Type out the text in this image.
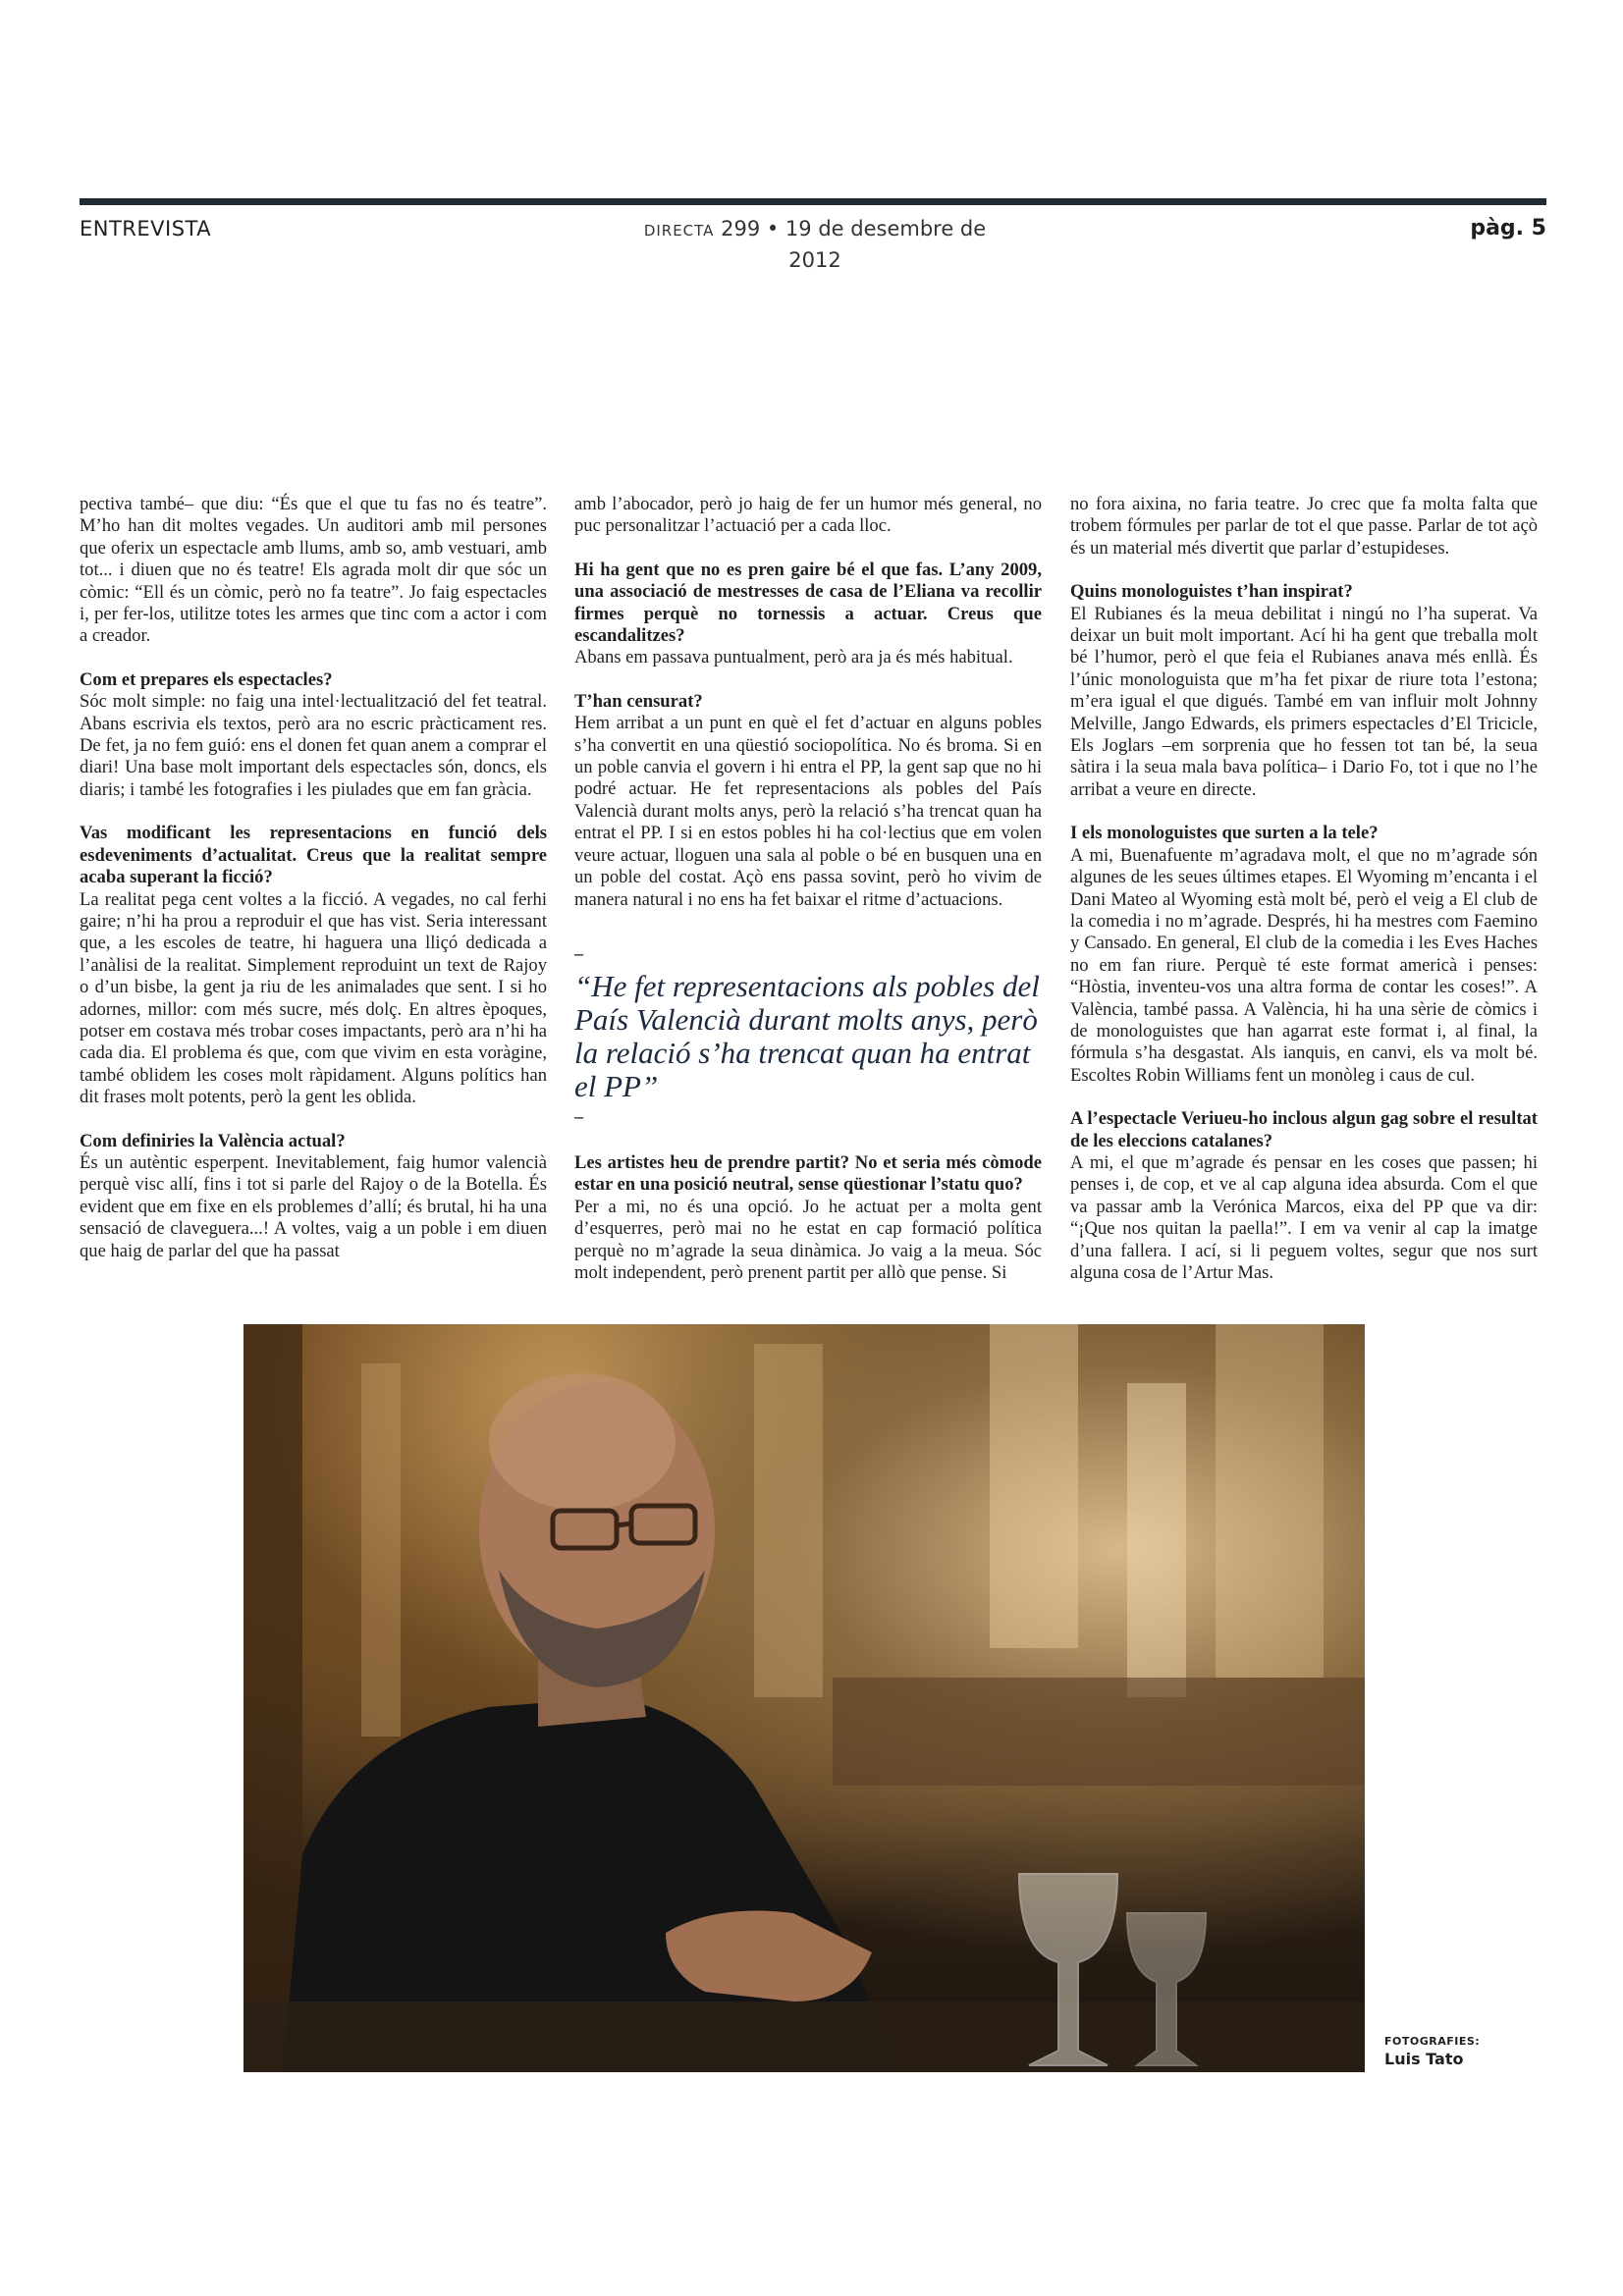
ENTREVISTA	DIRECTA 299 • 19 de desembre de 2012
pàg. 5

pectiva també– que diu: “És que el que tu fas no és teatre”. M’ho han dit moltes vegades. Un auditori amb mil persones que oferix un espectacle amb llums, amb so, amb vestuari, amb tot... i diuen que no és teatre! Els agrada molt dir que sóc un còmic: “Ell és un còmic, però no fa teatre”. Jo faig espectacles i, per fer-los, utilitze totes les armes que tinc com a actor i com a creador.

Com et prepares els espectacles?

Sóc molt simple: no faig una intel·lectualització del fet teatral. Abans escrivia els textos, però ara no escric pràcticament res. De fet, ja no fem guió: ens el donen fet quan anem a comprar el diari! Una base molt important dels espectacles són, doncs, els diaris; i també les fotografies i les piulades que em fan gràcia.

Vas modificant les representacions en funció dels esdeveniments d’actualitat. Creus que la realitat sempre acaba superant la ficció?

La realitat pega cent voltes a la ficció. A vegades, no cal ferhi gaire; n’hi ha prou a reproduir el que has vist. Seria interessant que, a les escoles de teatre, hi haguera una lliçó dedicada a l’anàlisi de la realitat. Simplement reproduint un text de Rajoy o d’un bisbe, la gent ja riu de les animalades que sent. I si ho adornes, millor: com més sucre, més dolç. En altres èpoques, potser em costava més trobar coses impactants, però ara n’hi ha cada dia. El problema és que, com que vivim en esta voràgine, també oblidem les coses molt ràpidament. Alguns polítics han dit frases molt potents, però la gent les oblida.

Com definiries la València actual?

És un autèntic esperpent. Inevitablement, faig humor valencià perquè visc allí, fins i tot si parle del Rajoy o de la Botella. És evident que em fixe en els problemes d’allí; és brutal, hi ha una sensació de claveguera...! A voltes, vaig a un poble i em diuen que haig de parlar del que ha passat

amb l’abocador, però jo haig de fer un humor més general, no puc personalitzar l’actuació per a cada lloc.

Hi ha gent que no es pren gaire bé el que fas. L’any 2009, una associació de mestresses de casa de l’Eliana va recollir firmes perquè no tornessis a actuar. Creus que escandalitzes?

Abans em passava puntualment, però ara ja és més habitual.

T’han censurat?

Hem arribat a un punt en què el fet d’actuar en alguns pobles s’ha convertit en una qüestió sociopolítica. No és broma. Si en un poble canvia el govern i hi entra el PP, la gent sap que no hi podré actuar. He fet representacions als pobles del País Valencià durant molts anys, però la relació s’ha trencat quan ha entrat el PP. I si en estos pobles hi ha col·lectius que em volen veure actuar, lloguen una sala al poble o bé en busquen una en un poble del costat. Açò ens passa sovint, però ho vivim de manera natural i no ens ha fet baixar el ritme d’actuacions.

–

“He fet representacions als pobles del País Valencià durant molts anys, però la relació s’ha trencat quan ha entrat el PP”

–

Les artistes heu de prendre partit? No et seria més còmode estar en una posició neutral, sense qüestionar l’statu quo?

Per a mi, no és una opció. Jo he actuat per a molta gent d’esquerres, però mai no he estat en cap formació política perquè no m’agrade la seua dinàmica. Jo vaig a la meua. Sóc molt independent, però prenent partit per allò que pense. Si

no fora aixina, no faria teatre. Jo crec que fa molta falta que trobem fórmules per parlar de tot el que passe. Parlar de tot açò és un material més divertit que parlar d’estupideses.

Quins monologuistes t’han inspirat?

El Rubianes és la meua debilitat i ningú no l’ha superat. Va deixar un buit molt important. Ací hi ha gent que treballa molt bé l’humor, però el que feia el Rubianes anava més enllà. És l’únic monologuista que m’ha fet pixar de riure tota l’estona; m’era igual el que digués. També em van influir molt Johnny Melville, Jango Edwards, els primers espectacles d’El Tricicle, Els Joglars –em sorprenia que ho fessen tot tan bé, la seua sàtira i la seua mala bava política– i Dario Fo, tot i que no l’he arribat a veure en directe.

I els monologuistes que surten a la tele?

A mi, Buenafuente m’agradava molt, el que no m’agrade són algunes de les seues últimes etapes. El Wyoming m’encanta i el Dani Mateo al Wyoming està molt bé, però el veig a El club de la comedia i no m’agrade. Després, hi ha mestres com Faemino y Cansado. En general, El club de la comedia i les Eves Haches no em fan riure. Perquè té este format americà i penses: “Hòstia, inventeu-vos una altra forma de contar les coses!”. A València, també passa. A València, hi ha una sèrie de còmics i de monologuistes que han agarrat este format i, al final, la fórmula s’ha desgastat. Als ianquis, en canvi, els va molt bé. Escoltes Robin Williams fent un monòleg i caus de cul.

A l’espectacle Veriueu-ho inclous algun gag sobre el resultat de les eleccions catalanes?

A mi, el que m’agrade és pensar en les coses que passen; hi penses i, de cop, et ve al cap alguna idea absurda. Com el que va passar amb la Verónica Marcos, eixa del PP que va dir: “¡Que nos quitan la paella!”. I em va venir al cap la imatge d’una fallera. I ací, si li peguem voltes, segur que nos surt alguna cosa de l’Artur Mas.

FOTOGRAFIES:
Luis Tato
